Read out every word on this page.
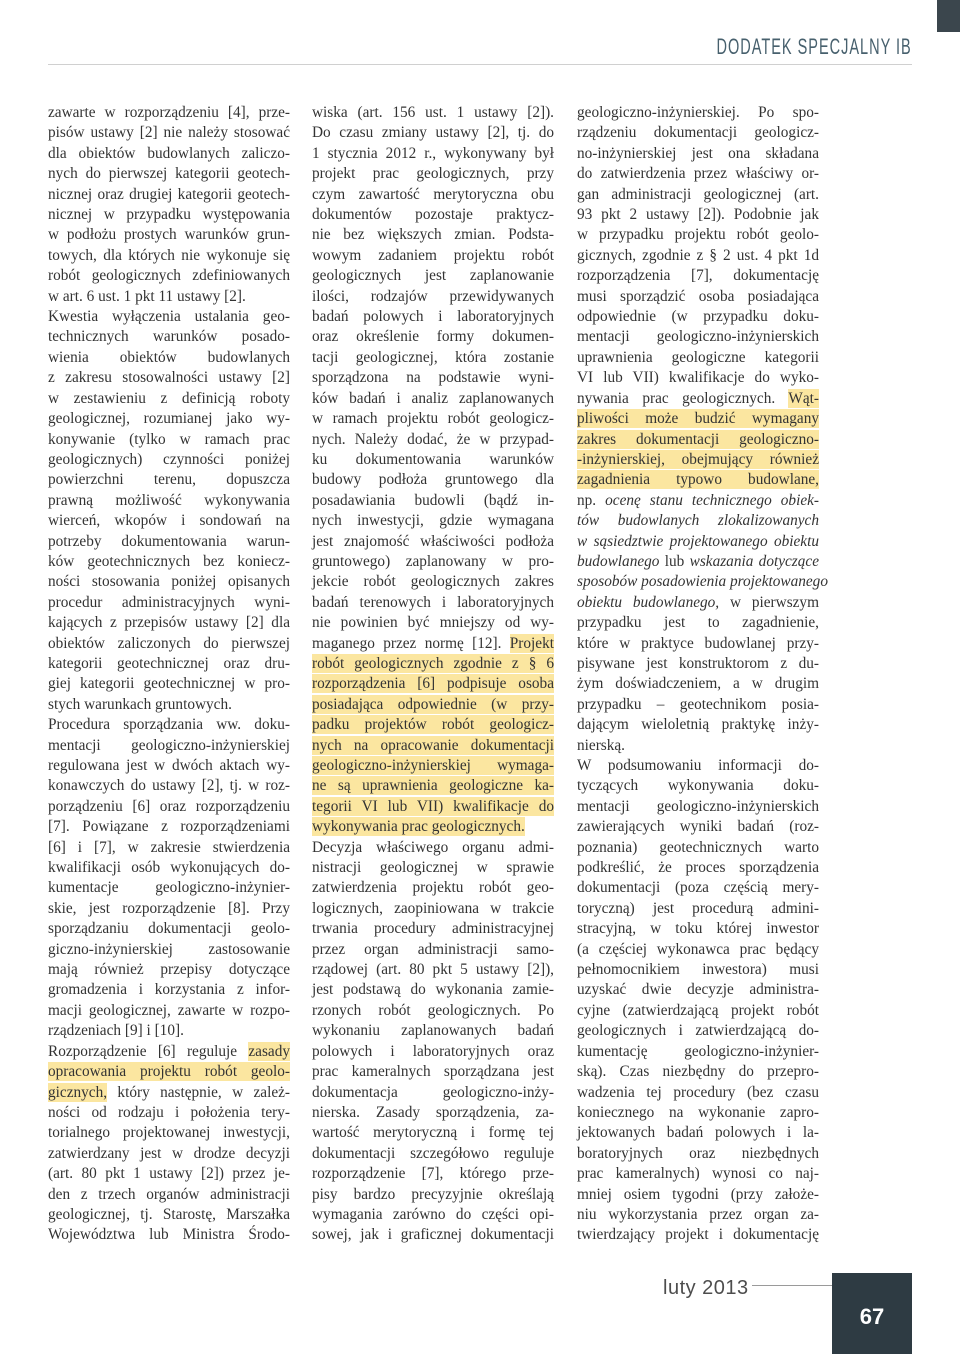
DODATEK SPECJALNY IB
zawarte w rozporządzeniu [4], prze-
pisów ustawy [2] nie należy stosować
dla obiektów budowlanych zaliczo-
nych do pierwszej kategorii geotech-
nicznej oraz drugiej kategorii geotech-
nicznej w przypadku występowania
w podłożu prostych warunków grun-
towych, dla których nie wykonuje się
robót geologicznych zdefiniowanych
w art. 6 ust. 1 pkt 11 ustawy [2].
Kwestia wyłączenia ustalania geo-
technicznych warunków posado-
wienia obiektów budowlanych
z zakresu stosowalności ustawy [2]
w zestawieniu z definicją roboty
geologicznej, rozumianej jako wy-
konywanie (tylko w ramach prac
geologicznych) czynności poniżej
powierzchni terenu, dopuszcza
prawną możliwość wykonywania
wierceń, wkopów i sondowań na
potrzeby dokumentowania warun-
ków geotechnicznych bez koniecz-
ności stosowania poniżej opisanych
procedur administracyjnych wyni-
kających z przepisów ustawy [2] dla
obiektów zaliczonych do pierwszej
kategorii geotechnicznej oraz dru-
giej kategorii geotechnicznej w pro-
stych warunkach gruntowych.
Procedura sporządzania ww. doku-
mentacji geologiczno-inżynierskiej
regulowana jest w dwóch aktach wy-
konawczych do ustawy [2], tj. w roz-
porządzeniu [6] oraz rozporządzeniu
[7]. Powiązane z rozporządzeniami
[6] i [7], w zakresie stwierdzenia
kwalifikacji osób wykonujących do-
kumentacje geologiczno-inżynier-
skie, jest rozporządzenie [8]. Przy
sporządzaniu dokumentacji geolo-
giczno-inżynierskiej zastosowanie
mają również przepisy dotyczące
gromadzenia i korzystania z infor-
macji geologicznej, zawarte w rozpo-
rządzeniach [9] i [10].
Rozporządzenie [6] reguluje zasady
opracowania projektu robót geolo-
gicznych, który następnie, w zależ-
ności od rodzaju i położenia tery-
torialnego projektowanej inwestycji,
zatwierdzany jest w drodze decyzji
(art. 80 pkt 1 ustawy [2]) przez je-
den z trzech organów administracji
geologicznej, tj. Starostę, Marszałka
Województwa lub Ministra Środo-
wiska (art. 156 ust. 1 ustawy [2]).
Do czasu zmiany ustawy [2], tj. do
1 stycznia 2012 r., wykonywany był
projekt prac geologicznych, przy
czym zawartość merytoryczna obu
dokumentów pozostaje praktycz-
nie bez większych zmian. Podsta-
wowym zadaniem projektu robót
geologicznych jest zaplanowanie
ilości, rodzajów przewidywanych
badań polowych i laboratoryjnych
oraz określenie formy dokumen-
tacji geologicznej, która zostanie
sporządzona na podstawie wyni-
ków badań i analiz zaplanowanych
w ramach projektu robót geologicz-
nych. Należy dodać, że w przypad-
ku dokumentowania warunków
budowy podłoża gruntowego dla
posadawiania budowli (bądź in-
nych inwestycji, gdzie wymagana
jest znajomość właściwości podłoża
gruntowego) zaplanowany w pro-
jekcie robót geologicznych zakres
badań terenowych i laboratoryjnych
nie powinien być mniejszy od wy-
maganego przez normę [12]. Projekt
robót geologicznych zgodnie z § 6
rozporządzenia [6] podpisuje osoba
posiadająca odpowiednie (w przy-
padku projektów robót geologicz-
nych na opracowanie dokumentacji
geologiczno-inżynierskiej wymaga-
ne są uprawnienia geologiczne ka-
tegorii VI lub VII) kwalifikacje do
wykonywania prac geologicznych.
Decyzja właściwego organu admi-
nistracji geologicznej w sprawie
zatwierdzenia projektu robót geo-
logicznych, zaopiniowana w trakcie
trwania procedury administracyjnej
przez organ administracji samo-
rządowej (art. 80 pkt 5 ustawy [2]),
jest podstawą do wykonania zamie-
rzonych robót geologicznych. Po
wykonaniu zaplanowanych badań
polowych i laboratoryjnych oraz
prac kameralnych sporządzana jest
dokumentacja geologiczno-inży-
nierska. Zasady sporządzenia, za-
wartość merytoryczną i formę tej
dokumentacji szczegółowo reguluje
rozporządzenie [7], którego prze-
pisy bardzo precyzyjnie określają
wymagania zarówno do części opi-
sowej, jak i graficznej dokumentacji
geologiczno-inżynierskiej. Po spo-
rządzeniu dokumentacji geologicz-
no-inżynierskiej jest ona składana
do zatwierdzenia przez właściwy or-
gan administracji geologicznej (art.
93 pkt 2 ustawy [2]). Podobnie jak
w przypadku projektu robót geolo-
gicznych, zgodnie z § 2 ust. 4 pkt 1d
rozporządzenia [7], dokumentację
musi sporządzić osoba posiadająca
odpowiednie (w przypadku doku-
mentacji geologiczno-inżynierskich
uprawnienia geologiczne kategorii
VI lub VII) kwalifikacje do wyko-
nywania prac geologicznych. Wąt-
pliwości może budzić wymagany
zakres dokumentacji geologiczno-
-inżynierskiej, obejmujący również
zagadnienia typowo budowlane,
np. ocenę stanu technicznego obiek-
tów budowlanych zlokalizowanych
w sąsiedztwie projektowanego obiektu
budowlanego lub wskazania dotyczące
sposobów posadowienia projektowanego
obiektu budowlanego, w pierwszym
przypadku jest to zagadnienie,
które w praktyce budowlanej przy-
pisywane jest konstruktorom z du-
żym doświadczeniem, a w drugim
przypadku – geotechnikom posia-
dającym wieloletnią praktykę inży-
nierską.
W podsumowaniu informacji do-
tyczących wykonywania doku-
mentacji geologiczno-inżynierskich
zawierających wyniki badań (roz-
poznania) geotechnicznych warto
podkreślić, że proces sporządzenia
dokumentacji (poza częścią mery-
toryczną) jest procedurą admini-
stracyjną, w toku której inwestor
(a częściej wykonawca prac będący
pełnomocnikiem inwestora) musi
uzyskać dwie decyzje administra-
cyjne (zatwierdzającą projekt robót
geologicznych i zatwierdzającą do-
kumentację geologiczno-inżynier-
ską). Czas niezbędny do przepro-
wadzenia tej procedury (bez czasu
koniecznego na wykonanie zapro-
jektowanych badań polowych i la-
boratoryjnych oraz niezbędnych
prac kameralnych) wynosi co naj-
mniej osiem tygodni (przy założe-
niu wykorzystania przez organ za-
twierdzający projekt i dokumentację
luty 2013
67
